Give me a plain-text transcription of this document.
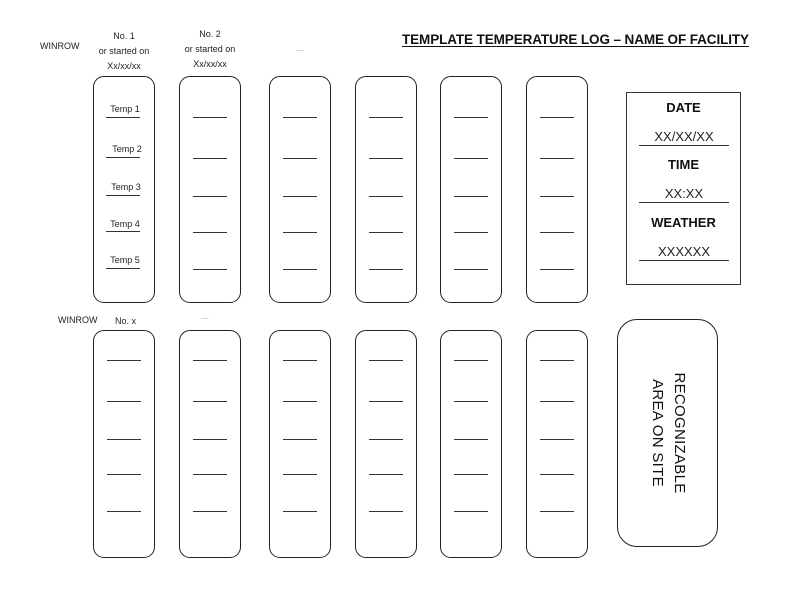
TEMPLATE TEMPERATURE LOG – NAME OF FACILITY
WINROW
No. 1
or started on
Xx/xx/xx
No. 2
or started on
Xx/xx/xx
....
Temp 1
Temp 2
Temp 3
Temp 4
Temp 5
DATE
XX/XX/XX
TIME
XX:XX
WEATHER
XXXXXX
WINROW No. x	....
RECOGNIZABLE
AREA ON SITE
